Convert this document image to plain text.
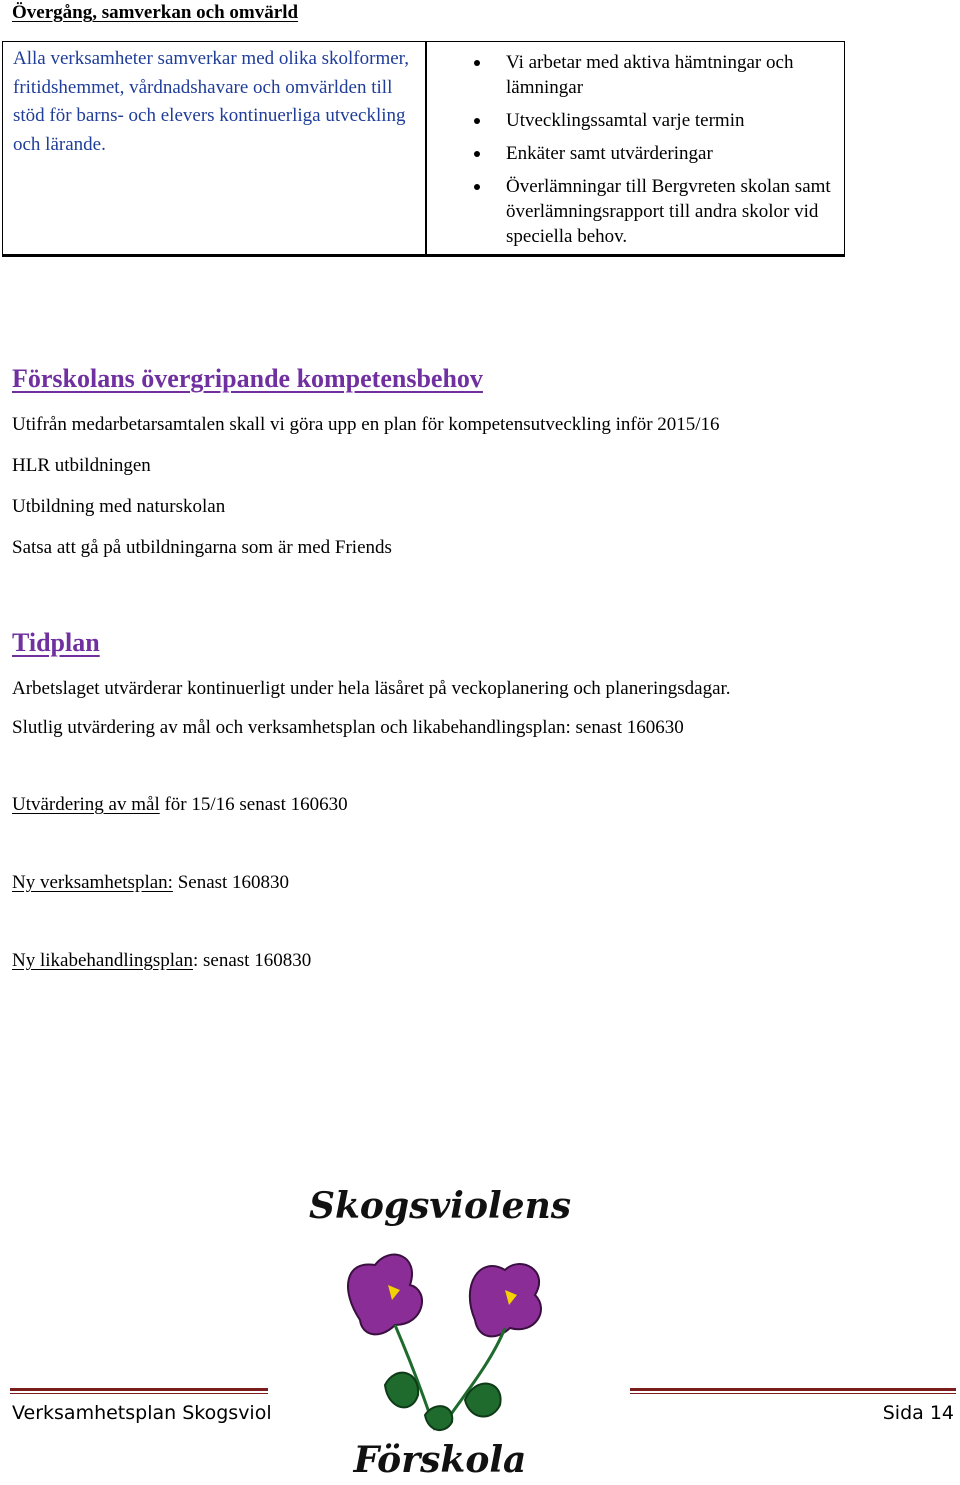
Övergång, samverkan och omvärld
Alla verksamheter samverkar med olika skolformer, fritidshemmet, vårdnadshavare och omvärlden till stöd för barns- och elevers kontinuerliga utveckling och lärande.
Vi arbetar med aktiva hämtningar och lämningar
Utvecklingssamtal varje termin
Enkäter samt utvärderingar
Överlämningar till Bergvreten skolan samt överlämningsrapport till andra skolor vid speciella behov.
Förskolans övergripande kompetensbehov
Utifrån medarbetarsamtalen skall vi göra upp en plan för kompetensutveckling inför 2015/16
HLR utbildningen
Utbildning med naturskolan
Satsa att gå på utbildningarna som är med Friends
Tidplan
Arbetslaget utvärderar kontinuerligt under hela läsåret på veckoplanering och planeringsdagar.
Slutlig utvärdering av mål och verksamhetsplan och likabehandlingsplan: senast 160630
Utvärdering av mål för 15/16 senast 160630
Ny verksamhetsplan: Senast 160830
Ny likabehandlingsplan: senast 160830
Skogsviolens
Förskola
Verksamhetsplan Skogsviol	Sida 14
